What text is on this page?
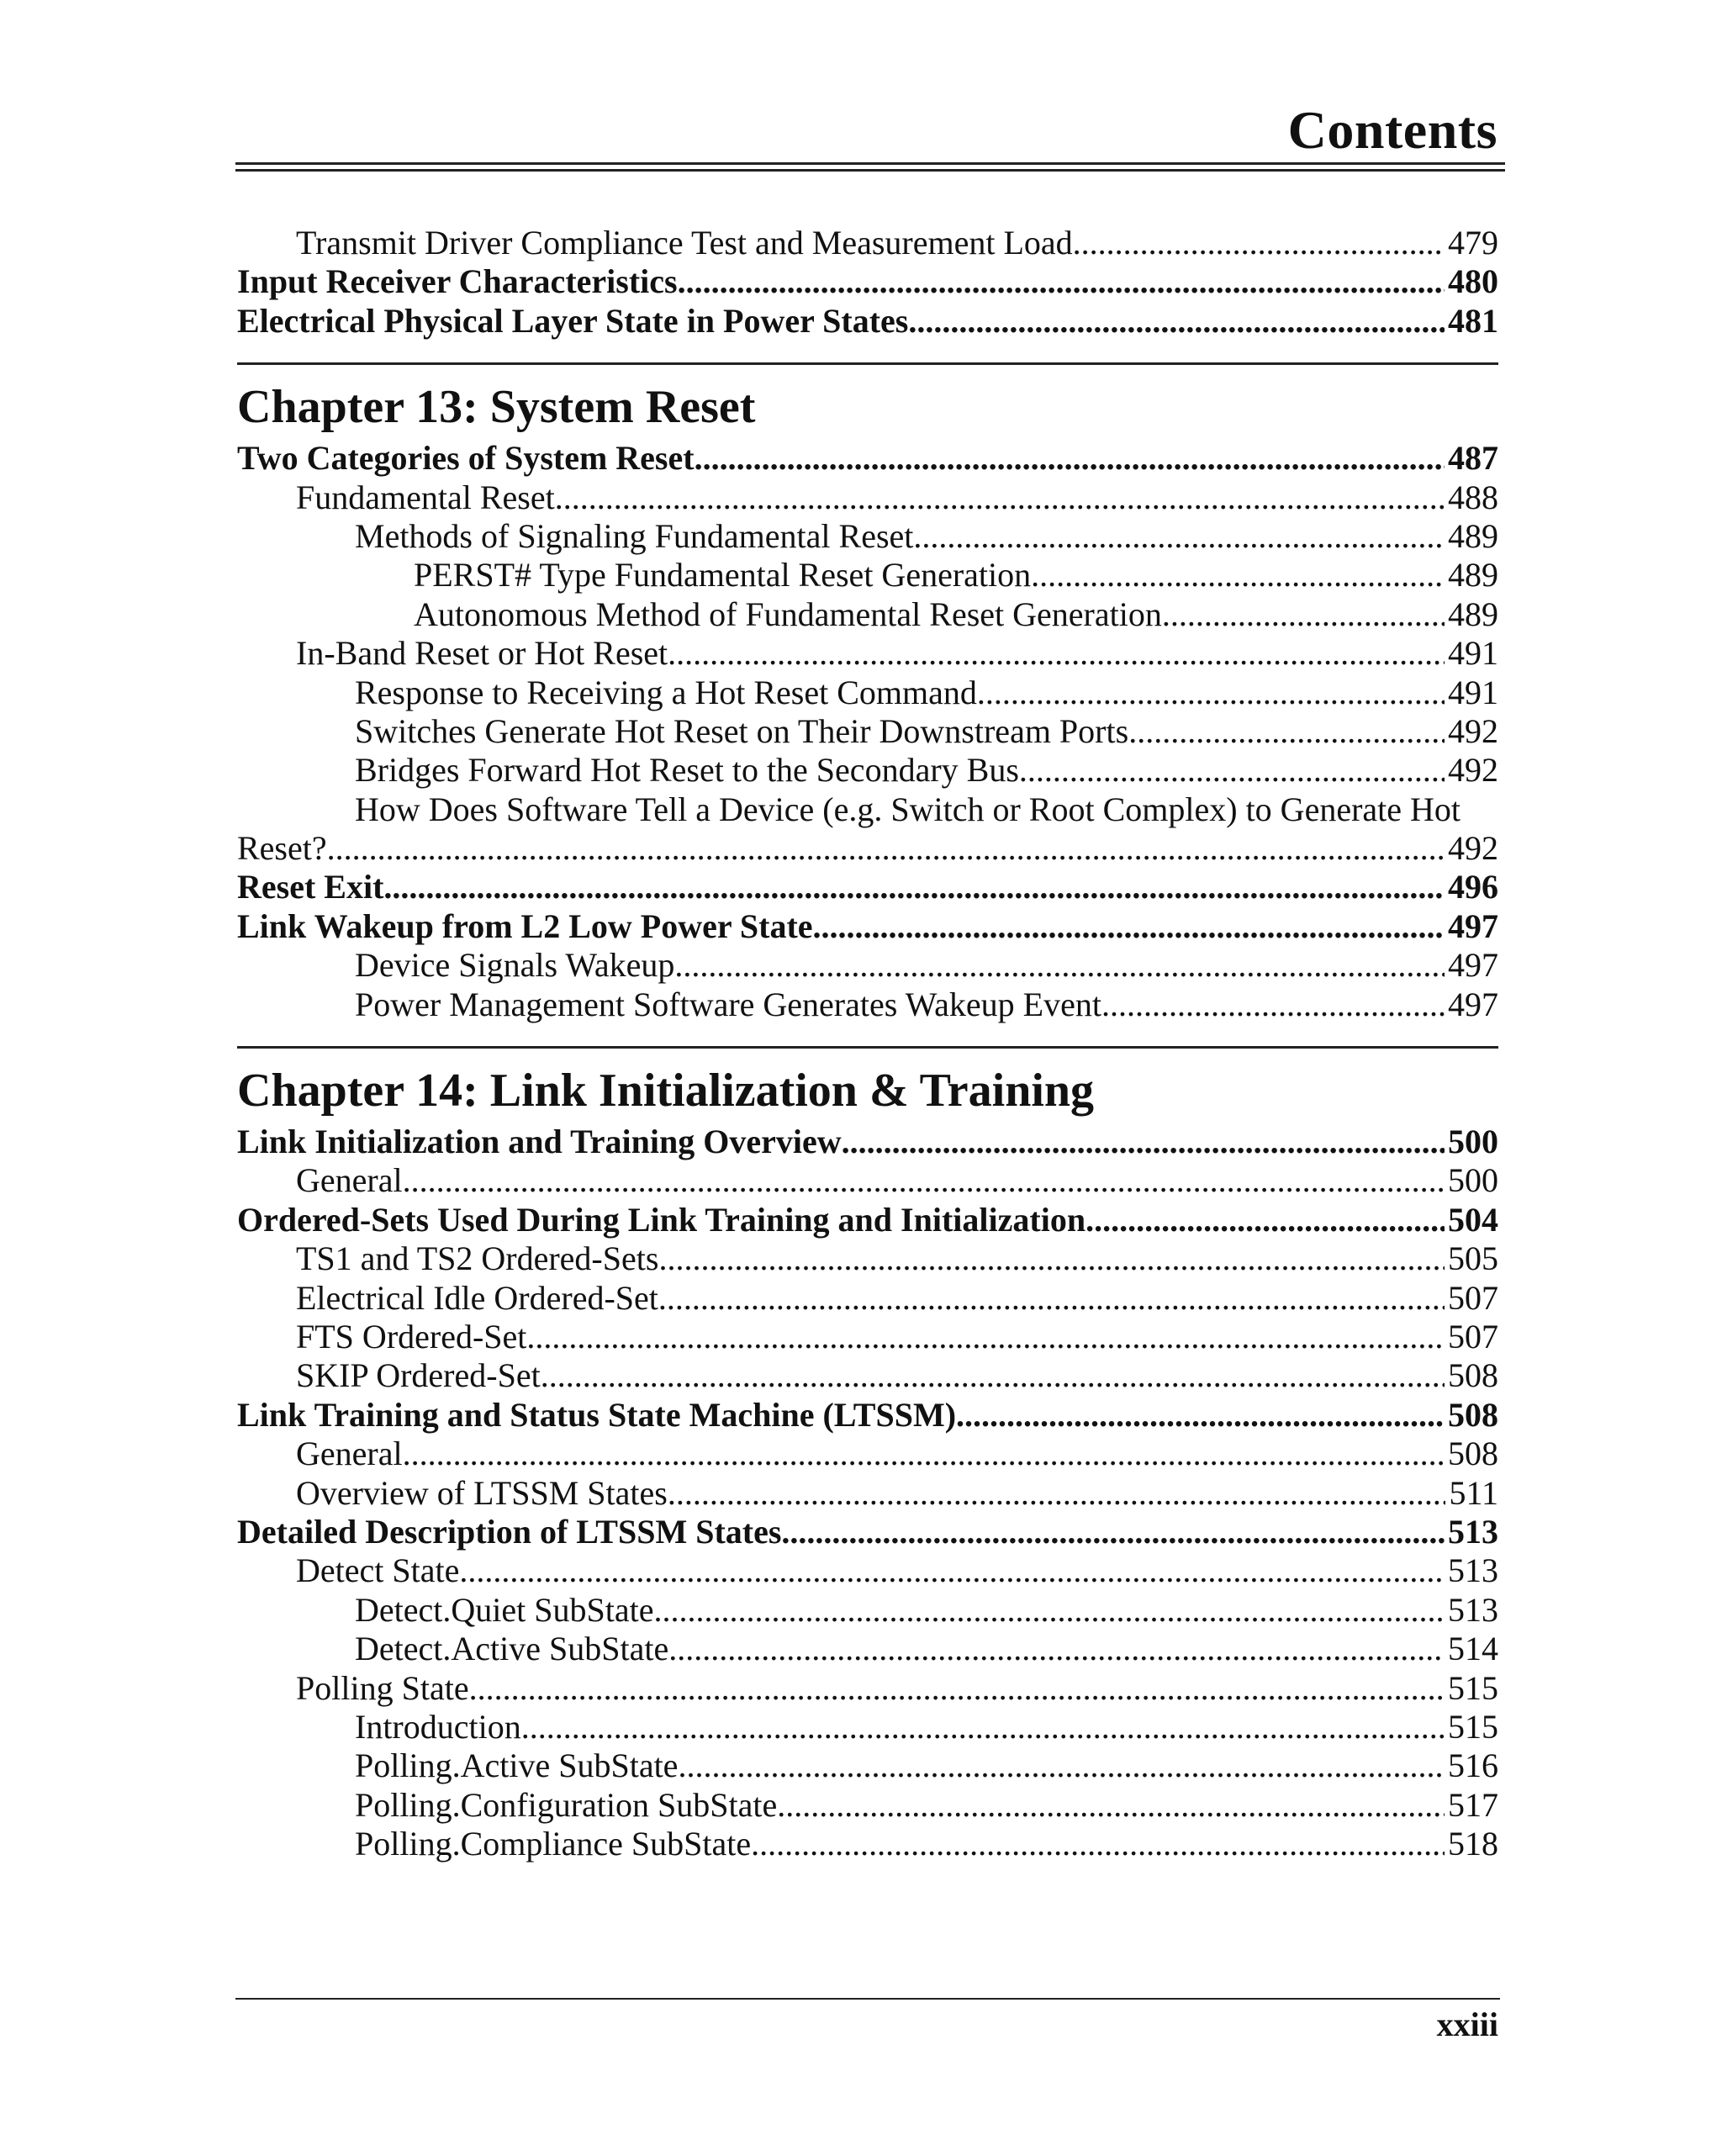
Contents
Transmit Driver Compliance Test and Measurement Load . . .	479
Input Receiver Characteristics . . .	480
Electrical Physical Layer State in Power States . . .	481
Chapter 13: System Reset
Two Categories of System Reset . . .	487
Fundamental Reset . . .	488
Methods of Signaling Fundamental Reset . . .	489
PERST# Type Fundamental Reset Generation . . .	489
Autonomous Method of Fundamental Reset Generation . . .	489
In-Band Reset or Hot Reset . . .	491
Response to Receiving a Hot Reset Command . . .	491
Switches Generate Hot Reset on Their Downstream Ports . . .	492
Bridges Forward Hot Reset to the Secondary Bus . . .	492
How Does Software Tell a Device (e.g. Switch or Root Complex) to Generate Hot
Reset? . . .	492
Reset Exit . . .	496
Link Wakeup from L2 Low Power State . . .	497
Device Signals Wakeup . . .	497
Power Management Software Generates Wakeup Event . . .	497
Chapter 14: Link Initialization & Training
Link Initialization and Training Overview . . .	500
General . . .	500
Ordered-Sets Used During Link Training and Initialization . . .	504
TS1 and TS2 Ordered-Sets . . .	505
Electrical Idle Ordered-Set . . .	507
FTS Ordered-Set . . .	507
SKIP Ordered-Set . . .	508
Link Training and Status State Machine (LTSSM) . . .	508
General . . .	508
Overview of LTSSM States . . .	511
Detailed Description of LTSSM States . . .	513
Detect State . . .	513
Detect.Quiet SubState . . .	513
Detect.Active SubState . . .	514
Polling State . . .	515
Introduction . . .	515
Polling.Active SubState . . .	516
Polling.Configuration SubState . . .	517
Polling.Compliance SubState . . .	518
xxiii
